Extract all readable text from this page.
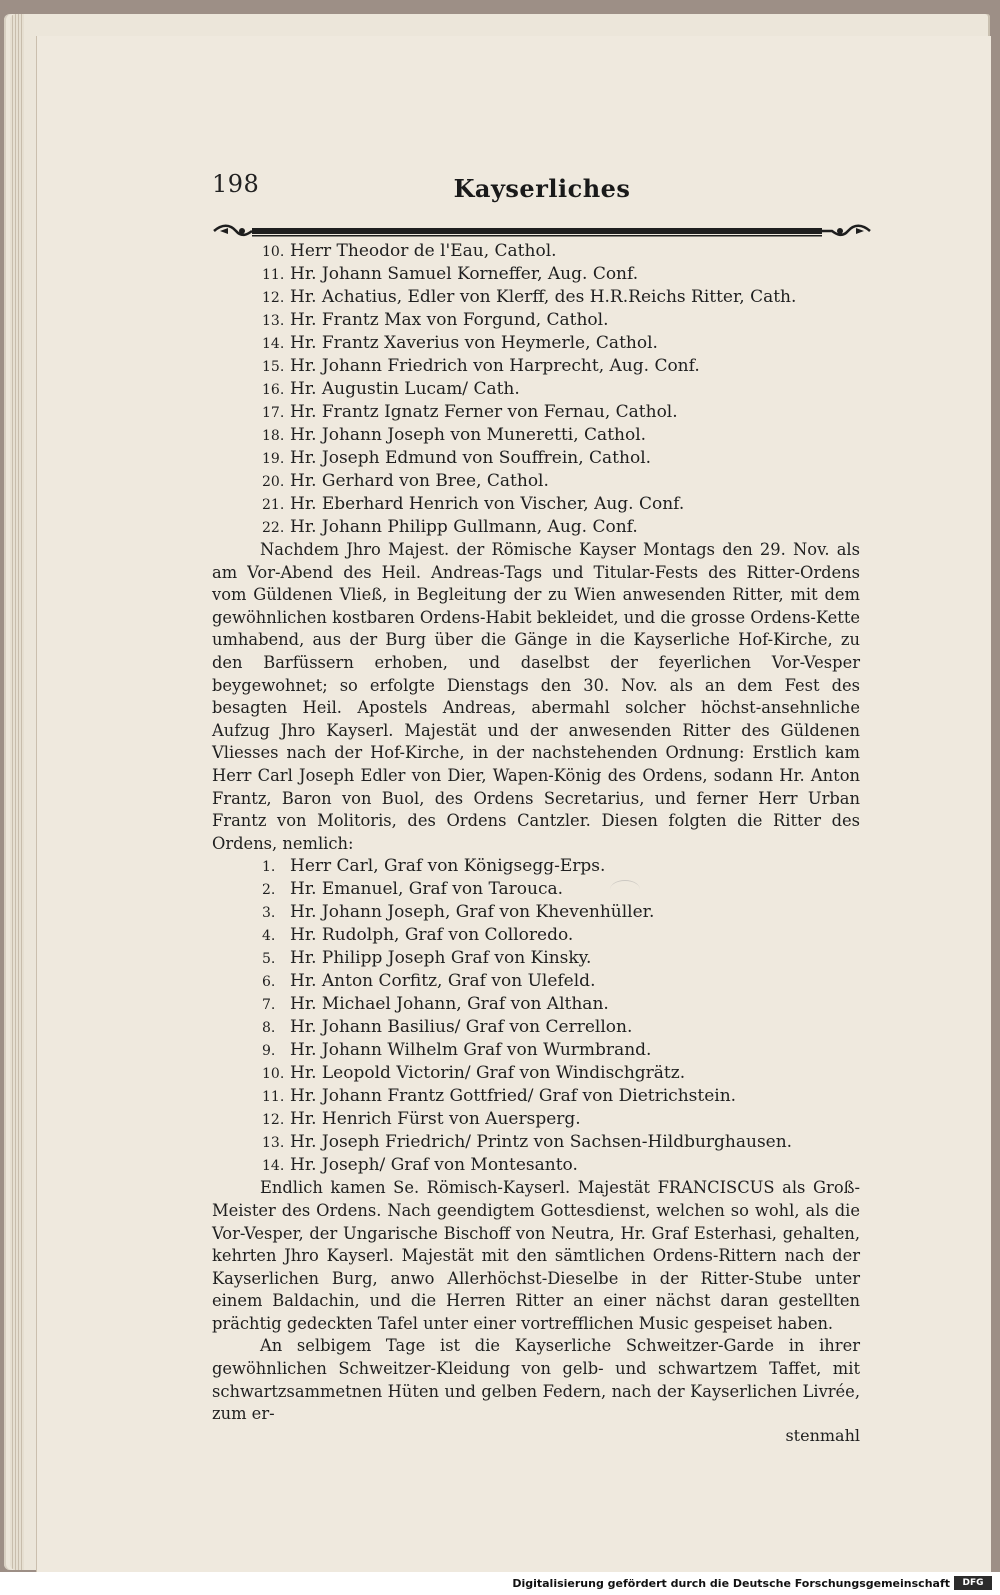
198	Kayserliches
10. Herr Theodor de l'Eau, Cathol.
11. Hr. Johann Samuel Korneffer, Aug. Conf.
12. Hr. Achatius, Edler von Klerff, des H.R.Reichs Ritter, Cath.
13. Hr. Frantz Max von Forgund, Cathol.
14. Hr. Frantz Xaverius von Heymerle, Cathol.
15. Hr. Johann Friedrich von Harprecht, Aug. Conf.
16. Hr. Augustin Lucam/ Cath.
17. Hr. Frantz Ignatz Ferner von Fernau, Cathol.
18. Hr. Johann Joseph von Muneretti, Cathol.
19. Hr. Joseph Edmund von Souffrein, Cathol.
20. Hr. Gerhard von Bree, Cathol.
21. Hr. Eberhard Henrich von Vischer, Aug. Conf.
22. Hr. Johann Philipp Gullmann, Aug. Conf.

Nachdem Jhro Majest. der Römische Kayser Montags den 29. Nov. als am Vor-Abend des Heil. Andreas-Tags und Titular-Fests des Ritter-Ordens vom Güldenen Vließ, in Begleitung der zu Wien anwesenden Ritter, mit dem gewöhnlichen kostbaren Ordens-Habit bekleidet, und die grosse Ordens-Kette umhabend, aus der Burg über die Gänge in die Kayserliche Hof-Kirche, zu den Barfüssern erhoben, und daselbst der feyerlichen Vor-Vesper beygewohnet; so erfolgte Dienstags den 30. Nov. als an dem Fest des besagten Heil. Apostels Andreas, abermahl solcher höchst-ansehnliche Aufzug Jhro Kayserl. Majestät und der anwesenden Ritter des Güldenen Vliesses nach der Hof-Kirche, in der nachstehenden Ordnung: Erstlich kam Herr Carl Joseph Edler von Dier, Wapen-König des Ordens, sodann Hr. Anton Frantz, Baron von Buol, des Ordens Secretarius, und ferner Herr Urban Frantz von Molitoris, des Ordens Cantzler. Diesen folgten die Ritter des Ordens, nemlich:

1. Herr Carl, Graf von Königsegg-Erps.
2. Hr. Emanuel, Graf von Tarouca.
3. Hr. Johann Joseph, Graf von Khevenhüller.
4. Hr. Rudolph, Graf von Colloredo.
5. Hr. Philipp Joseph Graf von Kinsky.
6. Hr. Anton Corfitz, Graf von Ulefeld.
7. Hr. Michael Johann, Graf von Althan.
8. Hr. Johann Basilius/ Graf von Cerrellon.
9. Hr. Johann Wilhelm Graf von Wurmbrand.
10. Hr. Leopold Victorin/ Graf von Windischgrätz.
11. Hr. Johann Frantz Gottfried/ Graf von Dietrichstein.
12. Hr. Henrich Fürst von Auersperg.
13. Hr. Joseph Friedrich/ Printz von Sachsen-Hildburghausen.
14. Hr. Joseph/ Graf von Montesanto.

Endlich kamen Se. Römisch-Kayserl. Majestät FRANCISCUS als Groß-Meister des Ordens. Nach geendigtem Gottesdienst, welchen so wohl, als die Vor-Vesper, der Ungarische Bischoff von Neutra, Hr. Graf Esterhasi, gehalten, kehrten Jhro Kayserl. Majestät mit den sämtlichen Ordens-Rittern nach der Kayserlichen Burg, anwo Allerhöchst-Dieselbe in der Ritter-Stube unter einem Baldachin, und die Herren Ritter an einer nächst daran gestellten prächtig gedeckten Tafel unter einer vortrefflichen Music gespeiset haben.

An selbigem Tage ist die Kayserliche Schweitzer-Garde in ihrer gewöhnlichen Schweitzer-Kleidung von gelb- und schwartzem Taffet, mit schwartzsammetnen Hüten und gelben Federn, nach der Kayserlichen Livrée, zum er-

stenmahl
Digitalisierung gefördert durch die Deutsche Forschungsgemeinschaft	DFG
